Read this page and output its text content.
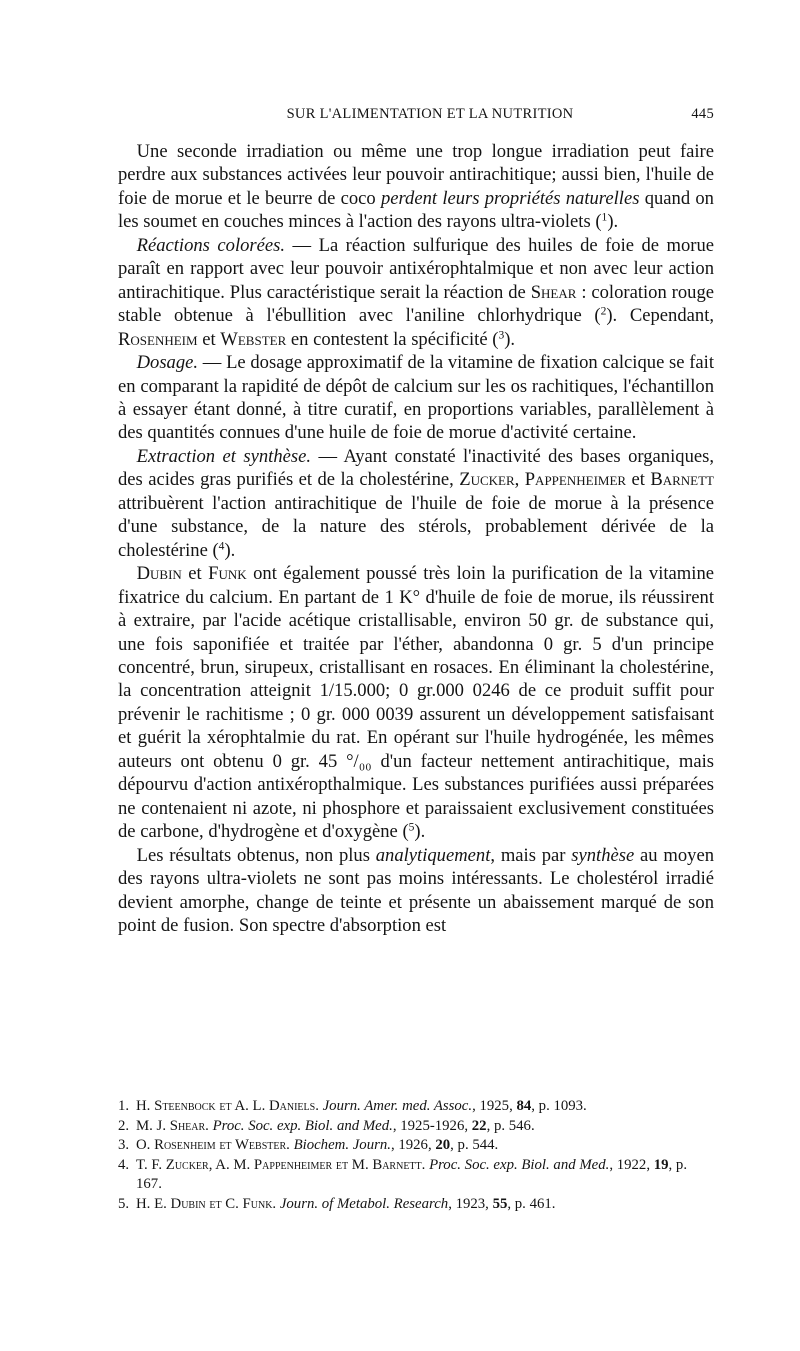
SUR L'ALIMENTATION ET LA NUTRITION	445

 Une seconde irradiation ou même une trop longue irradiation peut faire perdre aux substances activées leur pouvoir antirachitique; aussi bien, l'huile de foie de morue et le beurre de coco perdent leurs propriétés naturelles quand on les soumet en couches minces à l'action des rayons ultra-violets ($^1$).

 Réactions colorées. — La réaction sulfurique des huiles de foie de morue paraît en rapport avec leur pouvoir antixérophtalmique et non avec leur action antirachitique. Plus caractéristique serait la réaction de Shear : coloration rouge stable obtenue à l'ébullition avec l'aniline chlorhydrique ($^2$). Cependant, Rosenheim et Webster en contestent la spécificité ($^3$).

 Dosage. — Le dosage approximatif de la vitamine de fixation calcique se fait en comparant la rapidité de dépôt de calcium sur les os rachitiques, l'échantillon à essayer étant donné, à titre curatif, en proportions variables, parallèlement à des quantités connues d'une huile de foie de morue d'activité certaine.

 Extraction et synthèse. — Ayant constaté l'inactivité des bases organiques, des acides gras purifiés et de la cholestérine, Zucker, Pappenheimer et Barnett attribuèrent l'action antirachitique de l'huile de foie de morue à la présence d'une substance, de la nature des stérols, probablement dérivée de la cholestérine ($^4$).

 Dubin et Funk ont également poussé très loin la purification de la vitamine fixatrice du calcium. En partant de 1 K° d'huile de foie de morue, ils réussirent à extraire, par l'acide acétique cristallisable, environ 50 gr. de substance qui, une fois saponifiée et traitée par l'éther, abandonna 0 gr. 5 d'un principe concentré, brun, sirupeux, cristallisant en rosaces. En éliminant la cholestérine, la concentration atteignit 1/15.000; 0 gr.000 0246 de ce produit suffit pour prévenir le rachitisme ; 0 gr. 000 0039 assurent un développement satisfaisant et guérit la xérophtalmie du rat. En opérant sur l'huile hydrogénée, les mêmes auteurs ont obtenu 0 gr. 45 °/₀₀ d'un facteur nettement antirachitique, mais dépourvu d'action antixéropthalmique. Les substances purifiées aussi préparées ne contenaient ni azote, ni phosphore et paraissaient exclusivement constituées de carbone, d'hydrogène et d'oxygène ($^5$).

 Les résultats obtenus, non plus analytiquement, mais par synthèse au moyen des rayons ultra-violets ne sont pas moins intéressants. Le cholestérol irradié devient amorphe, change de teinte et présente un abaissement marqué de son point de fusion. Son spectre d'absorption est

1. H. Steenbock et A. L. Daniels. Journ. Amer. med. Assoc., 1925, 84, p. 1093.

2. M. J. Shear. Proc. Soc. exp. Biol. and Med., 1925-1926, 22, p. 546.

3. O. Rosenheim et Webster. Biochem. Journ., 1926, 20, p. 544.

4. T. F. Zucker, A. M. Pappenheimer et M. Barnett. Proc. Soc. exp. Biol. and Med., 1922, 19, p. 167.

5. H. E. Dubin et C. Funk. Journ. of Metabol. Research, 1923, 55, p. 461.
